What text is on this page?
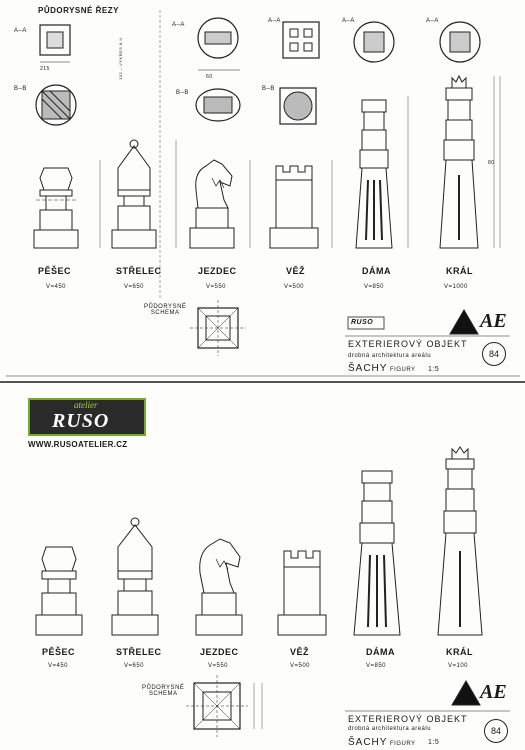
PŮDORYSNÉ ŘEZY
A–A
B–B
A–A
B–B
A–A
B–B
A–A	A–A
102 – VÝKRES 8-II
215
60
80
PĚŠEC
V=450
STŘELEC
V=650
JEZDEC
V=550
VĚŽ
V=500
DÁMA
V=850
KRÁL
V=1000
PŮDORYSNÉ
SCHEMA
RUSO
EXTERIEROVÝ OBJEKT
drobná architektura areálu
ŠACHY FIGURY 1:5
AE
84
PĚŠEC
V=450
STŘELEC
V=650
JEZDEC
V=550
VĚŽ
V=500
DÁMA
V=850
KRÁL
V=100
PŮDORYSNÉ
SCHEMA
EXTERIEROVÝ OBJEKT
drobná architektura areálu
ŠACHY FIGURY 1:5
AE
84
atelier
RUSO
WWW.RUSOATELIER.CZ
